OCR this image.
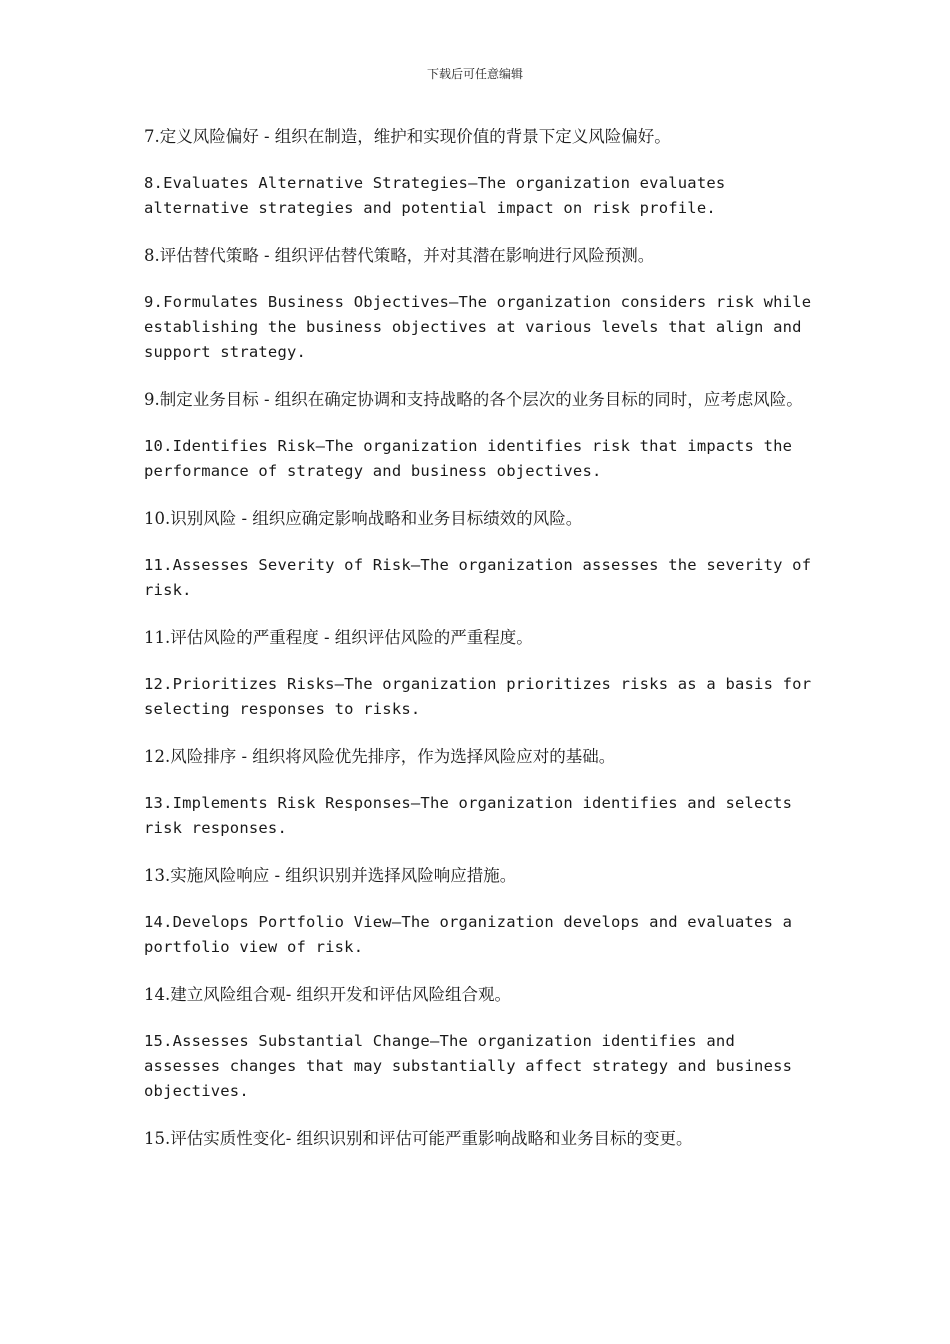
下载后可任意编辑

7.定义风险偏好 - 组织在制造，维护和实现价值的背景下定义风险偏好。

8.Evaluates Alternative Strategies—The organization evaluates alternative strategies and potential impact on risk profile.

8.评估替代策略 - 组织评估替代策略，并对其潜在影响进行风险预测。

9.Formulates Business Objectives—The organization considers risk while establishing the business objectives at various levels that align and support strategy.

9.制定业务目标 - 组织在确定协调和支持战略的各个层次的业务目标的同时，应考虑风险。

10.Identifies Risk—The organization identifies risk that impacts the performance of strategy and business objectives.

10.识别风险 - 组织应确定影响战略和业务目标绩效的风险。

11.Assesses Severity of Risk—The organization assesses the severity of risk.

11.评估风险的严重程度 - 组织评估风险的严重程度。

12.Prioritizes Risks—The organization prioritizes risks as a basis for selecting responses to risks.

12.风险排序 - 组织将风险优先排序，作为选择风险应对的基础。

13.Implements Risk Responses—The organization identifies and selects risk responses.

13.实施风险响应 - 组织识别并选择风险响应措施。

14.Develops Portfolio View—The organization develops and evaluates a portfolio view of risk.

14.建立风险组合观- 组织开发和评估风险组合观。

15.Assesses Substantial Change—The organization identifies and assesses changes that may substantially affect strategy and business objectives.

15.评估实质性变化- 组织识别和评估可能严重影响战略和业务目标的变更。
